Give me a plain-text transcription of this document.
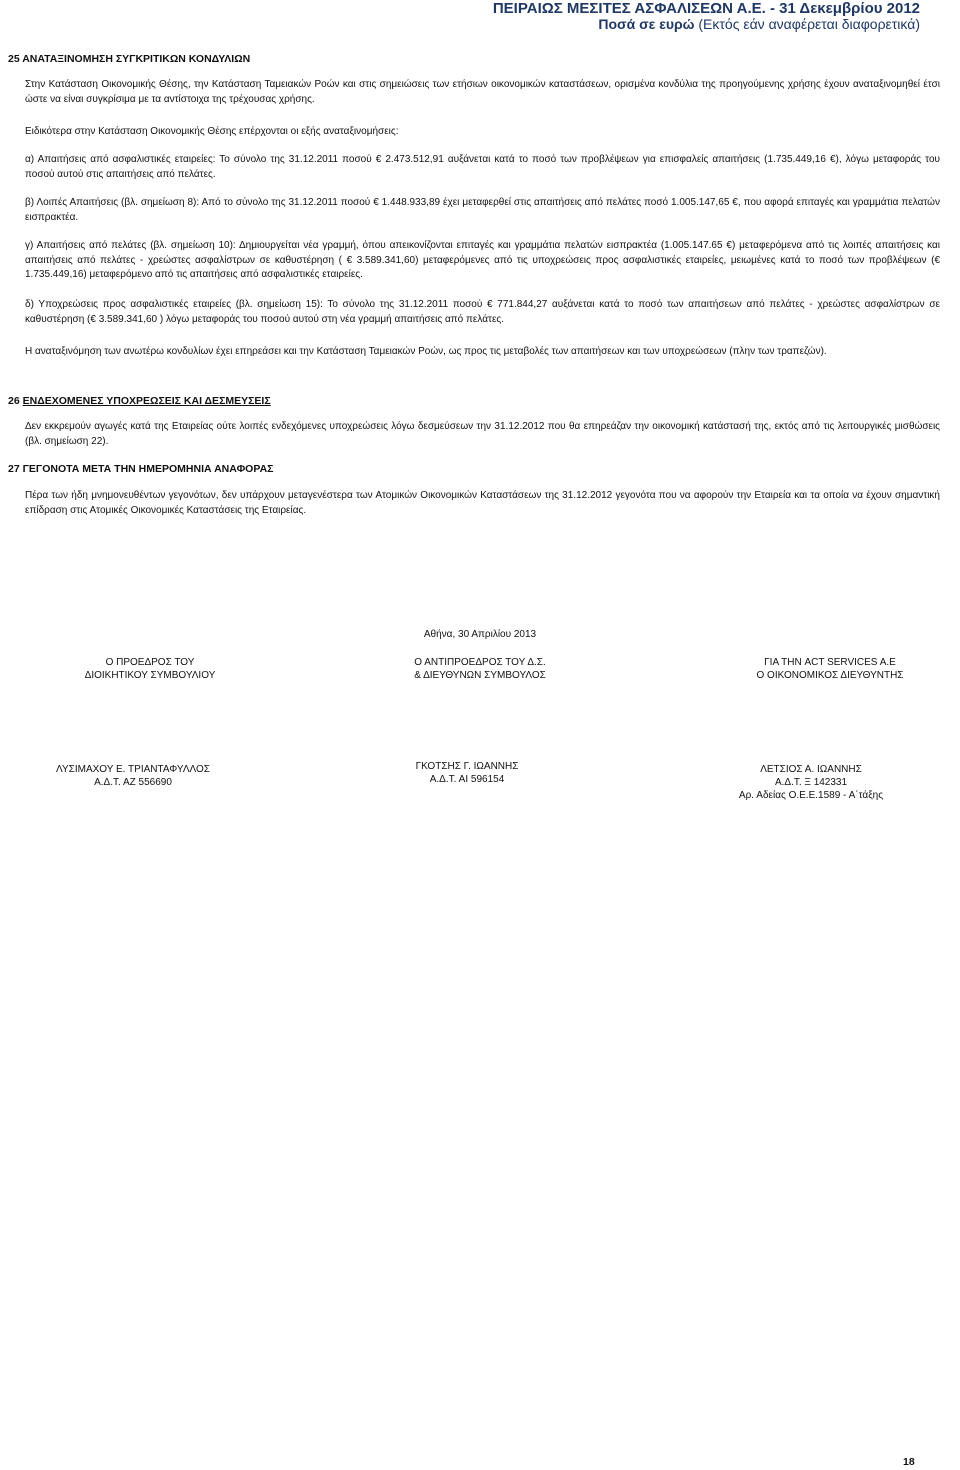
ΠΕΙΡΑΙΩΣ ΜΕΣΙΤΕΣ ΑΣΦΑΛΙΣΕΩΝ Α.Ε. - 31 Δεκεμβρίου 2012
Ποσά σε ευρώ (Εκτός εάν αναφέρεται διαφορετικά)
25 ΑΝΑΤΑΞΙΝΟΜΗΣΗ ΣΥΓΚΡΙΤΙΚΩΝ ΚΟΝΔΥΛΙΩΝ
Στην Κατάσταση Οικονομικής Θέσης, την Κατάσταση Ταμειακών Ροών και στις σημειώσεις των ετήσιων οικονομικών καταστάσεων, ορισμένα κονδύλια της προηγούμενης χρήσης έχουν αναταξινομηθεί έτσι ώστε να είναι συγκρίσιμα με τα αντίστοιχα της τρέχουσας χρήσης.
Ειδικότερα στην Κατάσταση Οικονομικής Θέσης επέρχονται οι εξής αναταξινομήσεις:
α) Απαιτήσεις από ασφαλιστικές εταιρείες: Το σύνολο της 31.12.2011 ποσού € 2.473.512,91 αυξάνεται κατά το ποσό των προβλέψεων για επισφαλείς απαιτήσεις (1.735.449,16 €), λόγω μεταφοράς του ποσού αυτού στις απαιτήσεις από πελάτες.
β) Λοιπές Απαιτήσεις (βλ. σημείωση 8): Από το σύνολο της 31.12.2011 ποσού € 1.448.933,89 έχει μεταφερθεί στις απαιτήσεις από πελάτες ποσό 1.005.147,65 €, που αφορά επιταγές και γραμμάτια πελατών εισπρακτέα.
γ) Απαιτήσεις από πελάτες (βλ. σημείωση 10): Δημιουργείται νέα γραμμή, όπου απεικονίζονται επιταγές και γραμμάτια πελατών εισπρακτέα (1.005.147.65 €) μεταφερόμενα από τις λοιπές απαιτήσεις και απαιτήσεις από πελάτες - χρεώστες ασφαλίστρων σε καθυστέρηση ( € 3.589.341,60) μεταφερόμενες από τις υποχρεώσεις προς ασφαλιστικές εταιρείες, μειωμένες κατά το ποσό των προβλέψεων (€ 1.735.449,16) μεταφερόμενο από τις απαιτήσεις από ασφαλιστικές εταιρείες.
δ) Υποχρεώσεις προς ασφαλιστικές εταιρείες (βλ. σημείωση 15): Το σύνολο της 31.12.2011 ποσού € 771.844,27 αυξάνεται κατά το ποσό των απαιτήσεων από πελάτες - χρεώστες ασφαλίστρων σε καθυστέρηση (€ 3.589.341,60 ) λόγω μεταφοράς του ποσού αυτού στη νέα γραμμή απαιτήσεις από πελάτες.
Η αναταξινόμηση των ανωτέρω κονδυλίων έχει επηρεάσει και την Κατάσταση Ταμειακών Ροών, ως προς τις μεταβολές των απαιτήσεων και των υποχρεώσεων (πλην των τραπεζών).
26 ΕΝΔΕΧΟΜΕΝΕΣ ΥΠΟΧΡΕΩΣΕΙΣ ΚΑΙ ΔΕΣΜΕΥΣΕΙΣ
Δεν εκκρεμούν αγωγές κατά της Εταιρείας ούτε λοιπές ενδεχόμενες υποχρεώσεις λόγω δεσμεύσεων την 31.12.2012 που θα επηρεάζαν την οικονομική κατάστασή της, εκτός από τις λειτουργικές μισθώσεις (βλ. σημείωση 22).
27 ΓΕΓΟΝΟΤΑ ΜΕΤΑ ΤΗΝ ΗΜΕΡΟΜΗΝΙΑ ΑΝΑΦΟΡΑΣ
Πέρα των ήδη μνημονευθέντων γεγονότων, δεν υπάρχουν μεταγενέστερα των Ατομικών Οικονομικών Καταστάσεων της 31.12.2012 γεγονότα που να αφορούν την Εταιρεία και τα οποία να έχουν σημαντική επίδραση στις Ατομικές Οικονομικές Καταστάσεις της Εταιρείας.
Αθήνα, 30 Απριλίου 2013
Ο ΠΡΟΕΔΡΟΣ ΤΟΥ
ΔΙΟΙΚΗΤΙΚΟΥ ΣΥΜΒΟΥΛΙΟΥ
Ο ΑΝΤΙΠΡΟΕΔΡΟΣ ΤΟΥ Δ.Σ.
& ΔΙΕΥΘΥΝΩΝ ΣΥΜΒΟΥΛΟΣ
ΓΙΑ ΤΗΝ ACT SERVICES A.E
Ο ΟΙΚΟΝΟΜΙΚΟΣ ΔΙΕΥΘΥΝΤΗΣ
ΛΥΣΙΜΑΧΟΥ Ε. ΤΡΙΑΝΤΑΦΥΛΛΟΣ
Α.Δ.Τ. ΑΖ 556690
ΓΚΟΤΣΗΣ Γ. ΙΩΑΝΝΗΣ
Α.Δ.Τ. ΑΙ 596154
ΛΕΤΣΙΟΣ Α. ΙΩΑΝΝΗΣ
Α.Δ.Τ. Ξ 142331
Αρ. Αδείας Ο.Ε.Ε.1589 - Α΄τάξης
18
